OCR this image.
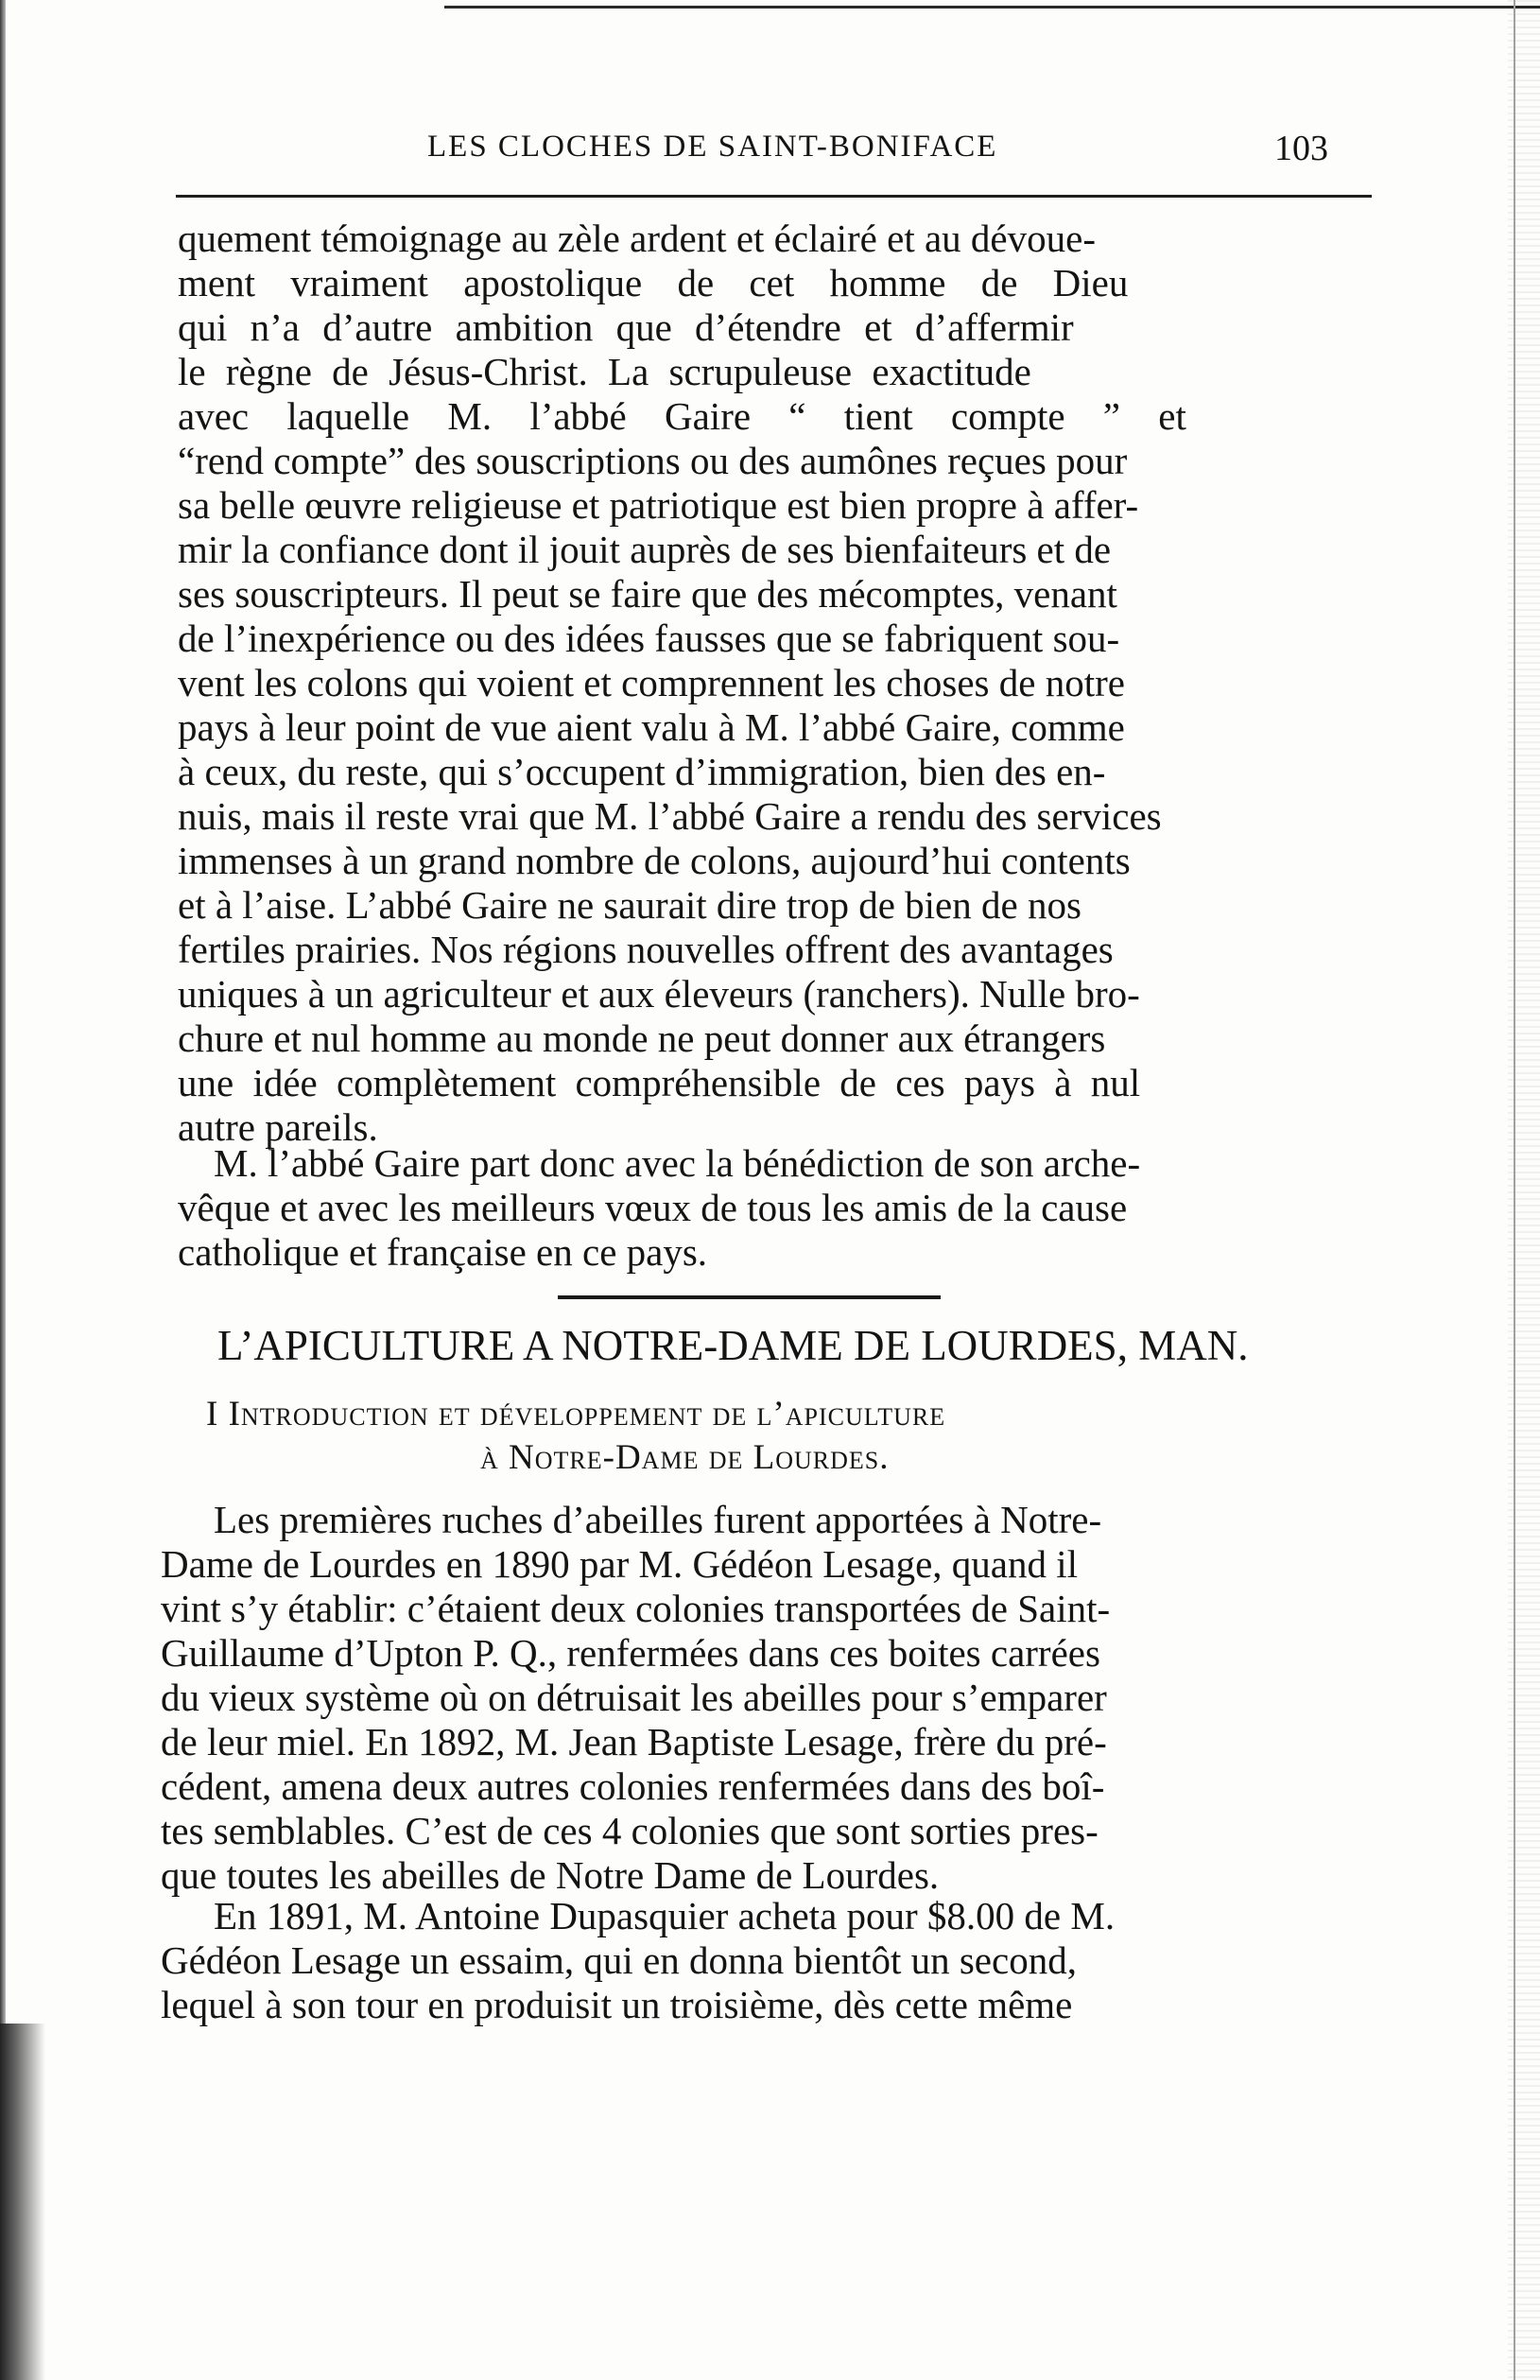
LES CLOCHES DE SAINT-BONIFACE	103
quement témoignage au zèle ardent et éclairé et au dévoue-
ment vraiment apostolique de cet homme de Dieu
qui n’a d’autre ambition que d’étendre et d’affermir
le règne de Jésus-Christ. La scrupuleuse exactitude
avec laquelle M. l’abbé Gaire “ tient compte ” et
“rend compte” des souscriptions ou des aumônes reçues pour
sa belle œuvre religieuse et patriotique est bien propre à affer-
mir la confiance dont il jouit auprès de ses bienfaiteurs et de
ses souscripteurs. Il peut se faire que des mécomptes, venant
de l’inexpérience ou des idées fausses que se fabriquent sou-
vent les colons qui voient et comprennent les choses de notre
pays à leur point de vue aient valu à M. l’abbé Gaire, comme
à ceux, du reste, qui s’occupent d’immigration, bien des en-
nuis, mais il reste vrai que M. l’abbé Gaire a rendu des services
immenses à un grand nombre de colons, aujourd’hui contents
et à l’aise. L’abbé Gaire ne saurait dire trop de bien de nos
fertiles prairies. Nos régions nouvelles offrent des avantages
uniques à un agriculteur et aux éleveurs (ranchers). Nulle bro-
chure et nul homme au monde ne peut donner aux étrangers
une idée complètement compréhensible de ces pays à nul
autre pareils.
M. l’abbé Gaire part donc avec la bénédiction de son arche-
vêque et avec les meilleurs vœux de tous les amis de la cause
catholique et française en ce pays.
L’APICULTURE A NOTRE-DAME DE LOURDES, MAN.
I Introduction et développement de l’apiculture
à Notre-Dame de Lourdes.
Les premières ruches d’abeilles furent apportées à Notre-
Dame de Lourdes en 1890 par M. Gédéon Lesage, quand il
vint s’y établir: c’étaient deux colonies transportées de Saint-
Guillaume d’Upton P. Q., renfermées dans ces boites carrées
du vieux système où on détruisait les abeilles pour s’emparer
de leur miel. En 1892, M. Jean Baptiste Lesage, frère du pré-
cédent, amena deux autres colonies renfermées dans des boî-
tes semblables. C’est de ces 4 colonies que sont sorties pres-
que toutes les abeilles de Notre Dame de Lourdes.
En 1891, M. Antoine Dupasquier acheta pour $8.00 de M.
Gédéon Lesage un essaim, qui en donna bientôt un second,
lequel à son tour en produisit un troisième, dès cette même
